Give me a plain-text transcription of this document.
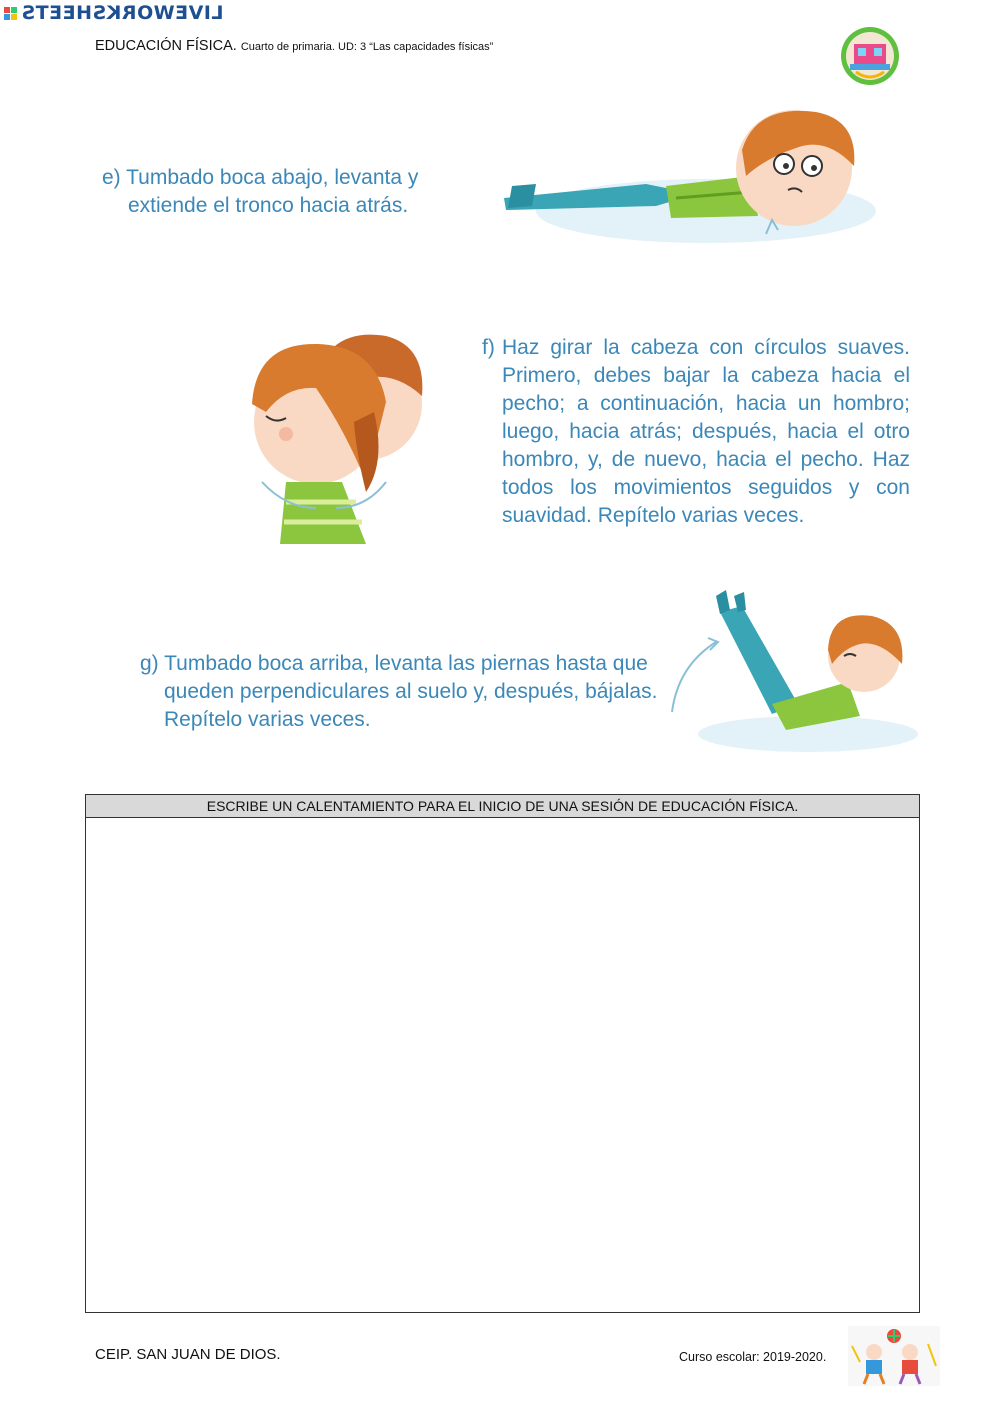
LIVEWORKSHEETS
EDUCACIÓN FÍSICA. Cuarto de primaria. UD: 3 “Las capacidades físicas”
e) Tumbado boca abajo, levanta y
extiende el tronco hacia atrás.
f) Haz girar la cabeza con círculos suaves. Primero, debes bajar la cabeza hacia el pecho; a continuación, hacia un hombro; luego, hacia atrás; después, hacia el otro hombro, y, de nuevo, hacia el pecho. Haz todos los movimientos seguidos y con suavidad. Repítelo varias veces.
g) Tumbado boca arriba, levanta las piernas hasta que
queden perpendiculares al suelo y, después, bájalas.
Repítelo varias veces.
ESCRIBE UN CALENTAMIENTO PARA EL INICIO DE UNA SESIÓN DE EDUCACIÓN FÍSICA.
CEIP. SAN JUAN DE DIOS.	Curso escolar: 2019-2020.
